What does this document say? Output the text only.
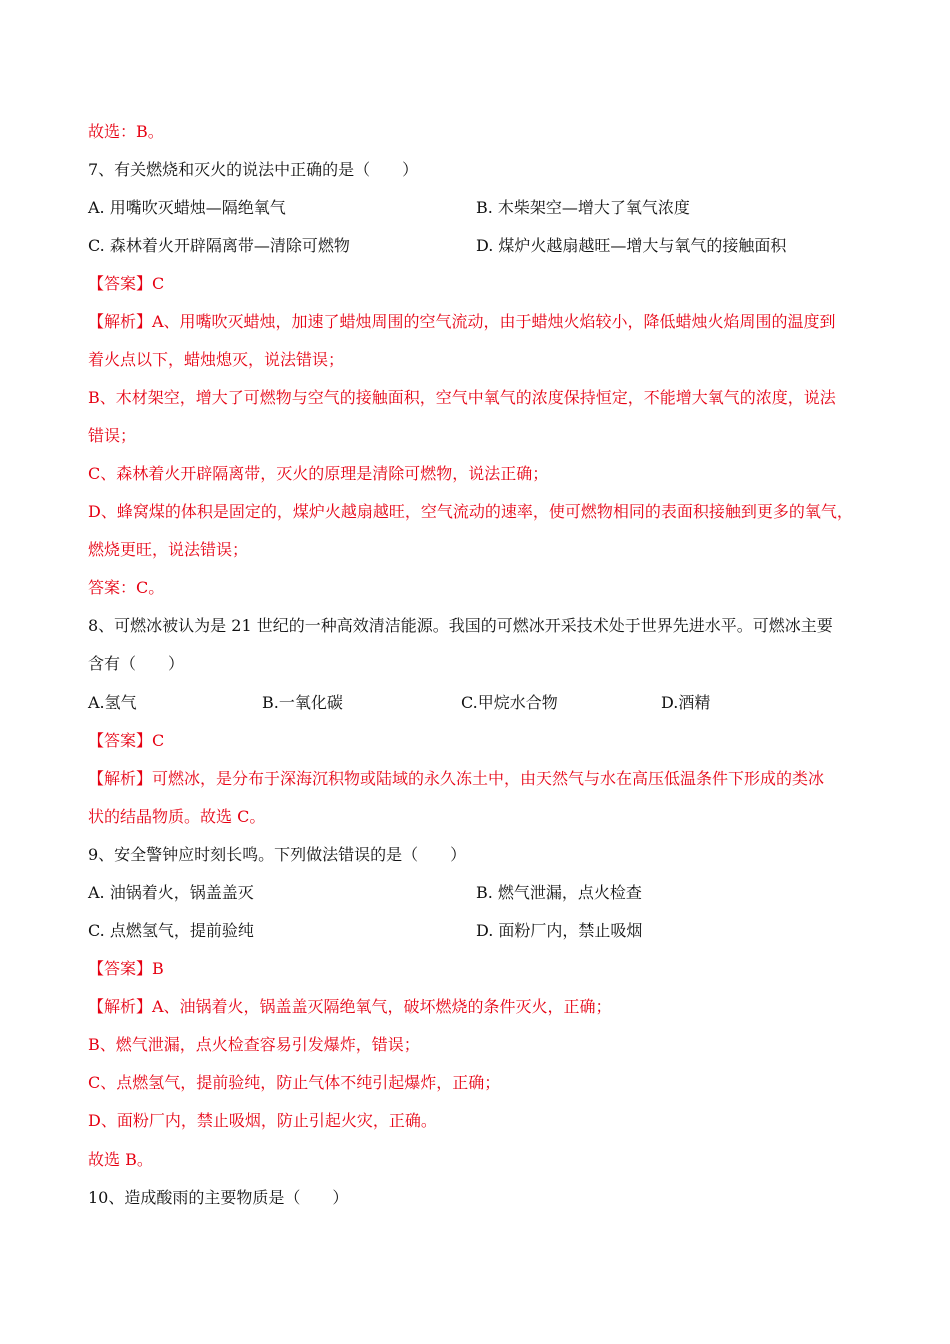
故选：B。
7、有关燃烧和灭火的说法中正确的是（　　）
A. 用嘴吹灭蜡烛—隔绝氧气	B. 木柴架空—增大了氧气浓度
C. 森林着火开辟隔离带—清除可燃物	D. 煤炉火越扇越旺—增大与氧气的接触面积
【答案】C
【解析】A、用嘴吹灭蜡烛，加速了蜡烛周围的空气流动，由于蜡烛火焰较小，降低蜡烛火焰周围的温度到
着火点以下，蜡烛熄灭，说法错误；
B、木材架空，增大了可燃物与空气的接触面积，空气中氧气的浓度保持恒定，不能增大氧气的浓度，说法
错误；
C、森林着火开辟隔离带，灭火的原理是清除可燃物，说法正确；
D、蜂窝煤的体积是固定的，煤炉火越扇越旺，空气流动的速率，使可燃物相同的表面积接触到更多的氧气，
燃烧更旺，说法错误；
答案：C。
8、可燃冰被认为是 21 世纪的一种高效清洁能源。我国的可燃冰开采技术处于世界先进水平。可燃冰主要
含有（　　）
A.氢气	B.一氧化碳	C.甲烷水合物	D.酒精
【答案】C
【解析】可燃冰，是分布于深海沉积物或陆域的永久冻土中，由天然气与水在高压低温条件下形成的类冰
状的结晶物质。故选 C。
9、安全警钟应时刻长鸣。下列做法错误的是（　　）
A. 油锅着火，锅盖盖灭	B. 燃气泄漏，点火检查
C. 点燃氢气，提前验纯	D. 面粉厂内，禁止吸烟
【答案】B
【解析】A、油锅着火，锅盖盖灭隔绝氧气，破坏燃烧的条件灭火，正确；
B、燃气泄漏，点火检查容易引发爆炸，错误；
C、点燃氢气，提前验纯，防止气体不纯引起爆炸，正确；
D、面粉厂内，禁止吸烟，防止引起火灾，正确。
故选 B。
10、造成酸雨的主要物质是（　　）
